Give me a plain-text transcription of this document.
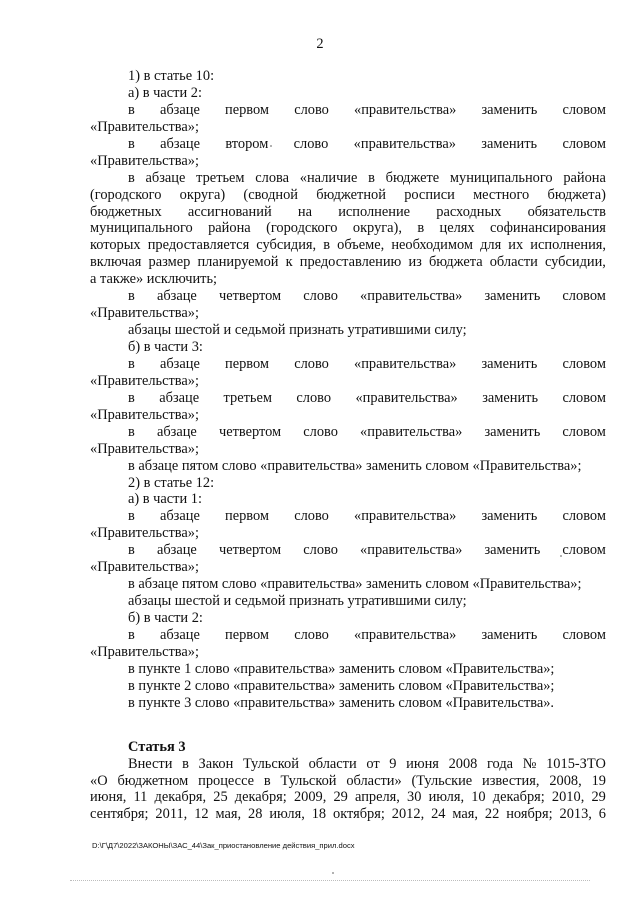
2
1) в статье 10:
а) в части 2:
в абзаце первом слово «правительства» заменить словом
«Правительства»;
в абзаце втором слово «правительства» заменить словом
«Правительства»;
в абзаце третьем слова «наличие в бюджете муниципального района
(городского округа) (сводной бюджетной росписи местного бюджета)
бюджетных ассигнований на исполнение расходных обязательств
муниципального района (городского округа), в целях софинансирования
которых предоставляется субсидия, в объеме, необходимом для их исполнения,
включая размер планируемой к предоставлению из бюджета области субсидии,
а также» исключить;
в абзаце четвертом слово «правительства» заменить словом
«Правительства»;
абзацы шестой и седьмой признать утратившими силу;
б) в части 3:
в абзаце первом слово «правительства» заменить словом
«Правительства»;
в абзаце третьем слово «правительства» заменить словом
«Правительства»;
в абзаце четвертом слово «правительства» заменить словом
«Правительства»;
в абзаце пятом слово «правительства» заменить словом «Правительства»;
2) в статье 12:
а) в части 1:
в абзаце первом слово «правительства» заменить словом
«Правительства»;
в абзаце четвертом слово «правительства» заменить словом
«Правительства»;
в абзаце пятом слово «правительства» заменить словом «Правительства»;
абзацы шестой и седьмой признать утратившими силу;
б) в части 2:
в абзаце первом слово «правительства» заменить словом
«Правительства»;
в пункте 1 слово «правительства» заменить словом «Правительства»;
в пункте 2 слово «правительства» заменить словом «Правительства»;
в пункте 3 слово «правительства» заменить словом «Правительства».
Статья 3
Внести в Закон Тульской области от 9 июня 2008 года № 1015-ЗТО
«О бюджетном процессе в Тульской области» (Тульские известия, 2008, 19
июня, 11 декабря, 25 декабря; 2009, 29 апреля, 30 июля, 10 декабря; 2010, 29
сентября; 2011, 12 мая, 28 июля, 18 октября; 2012, 24 мая, 22 ноября; 2013, 6
D:\Г\Д7\2022\ЗАКОНЫ\ЗАС_44\Зак_приостановление действия_прил.docx
